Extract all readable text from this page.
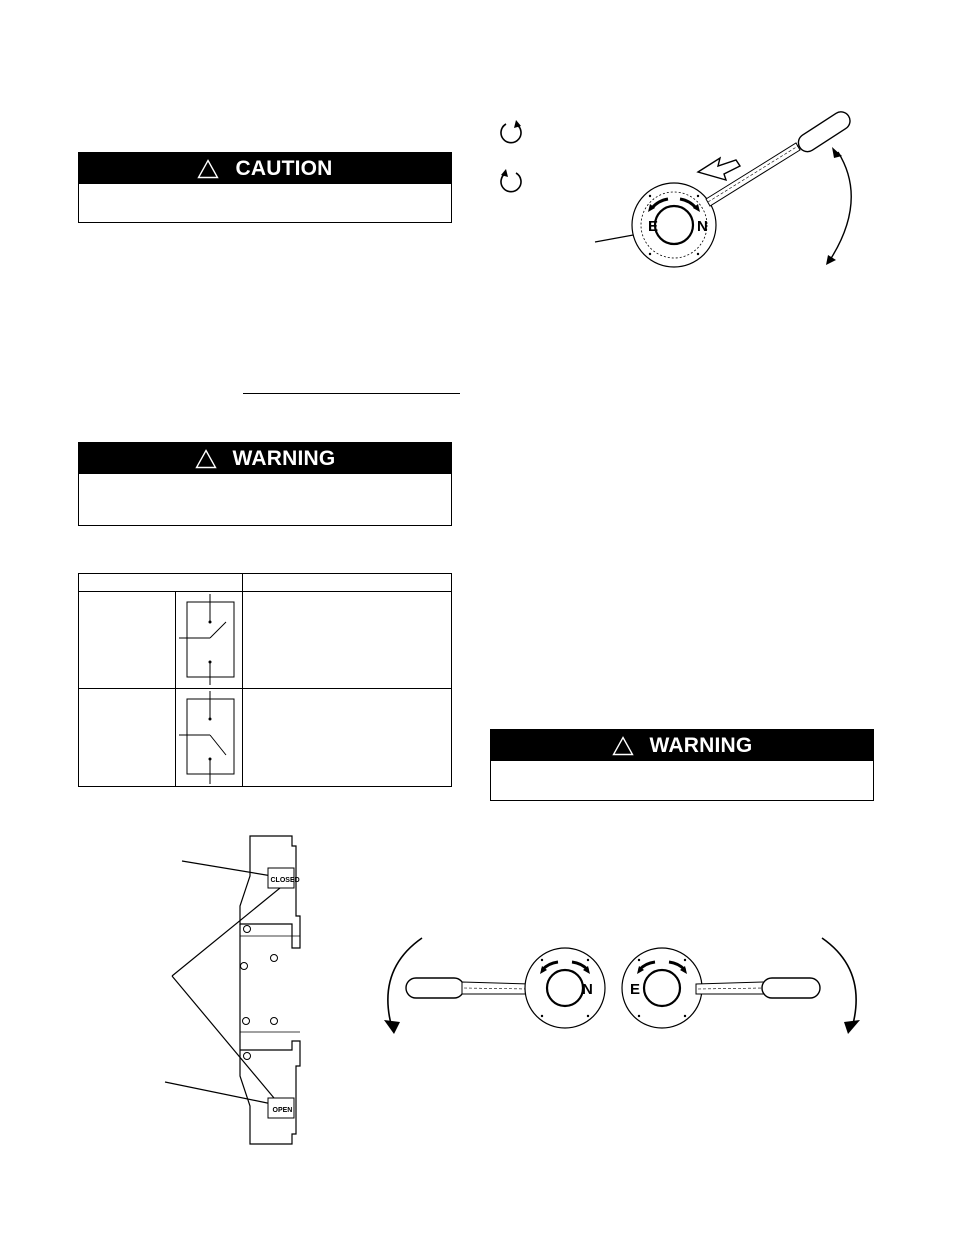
CAUTION
WARNING

WARNING
E	N
CLOSED
OPEN
N E
